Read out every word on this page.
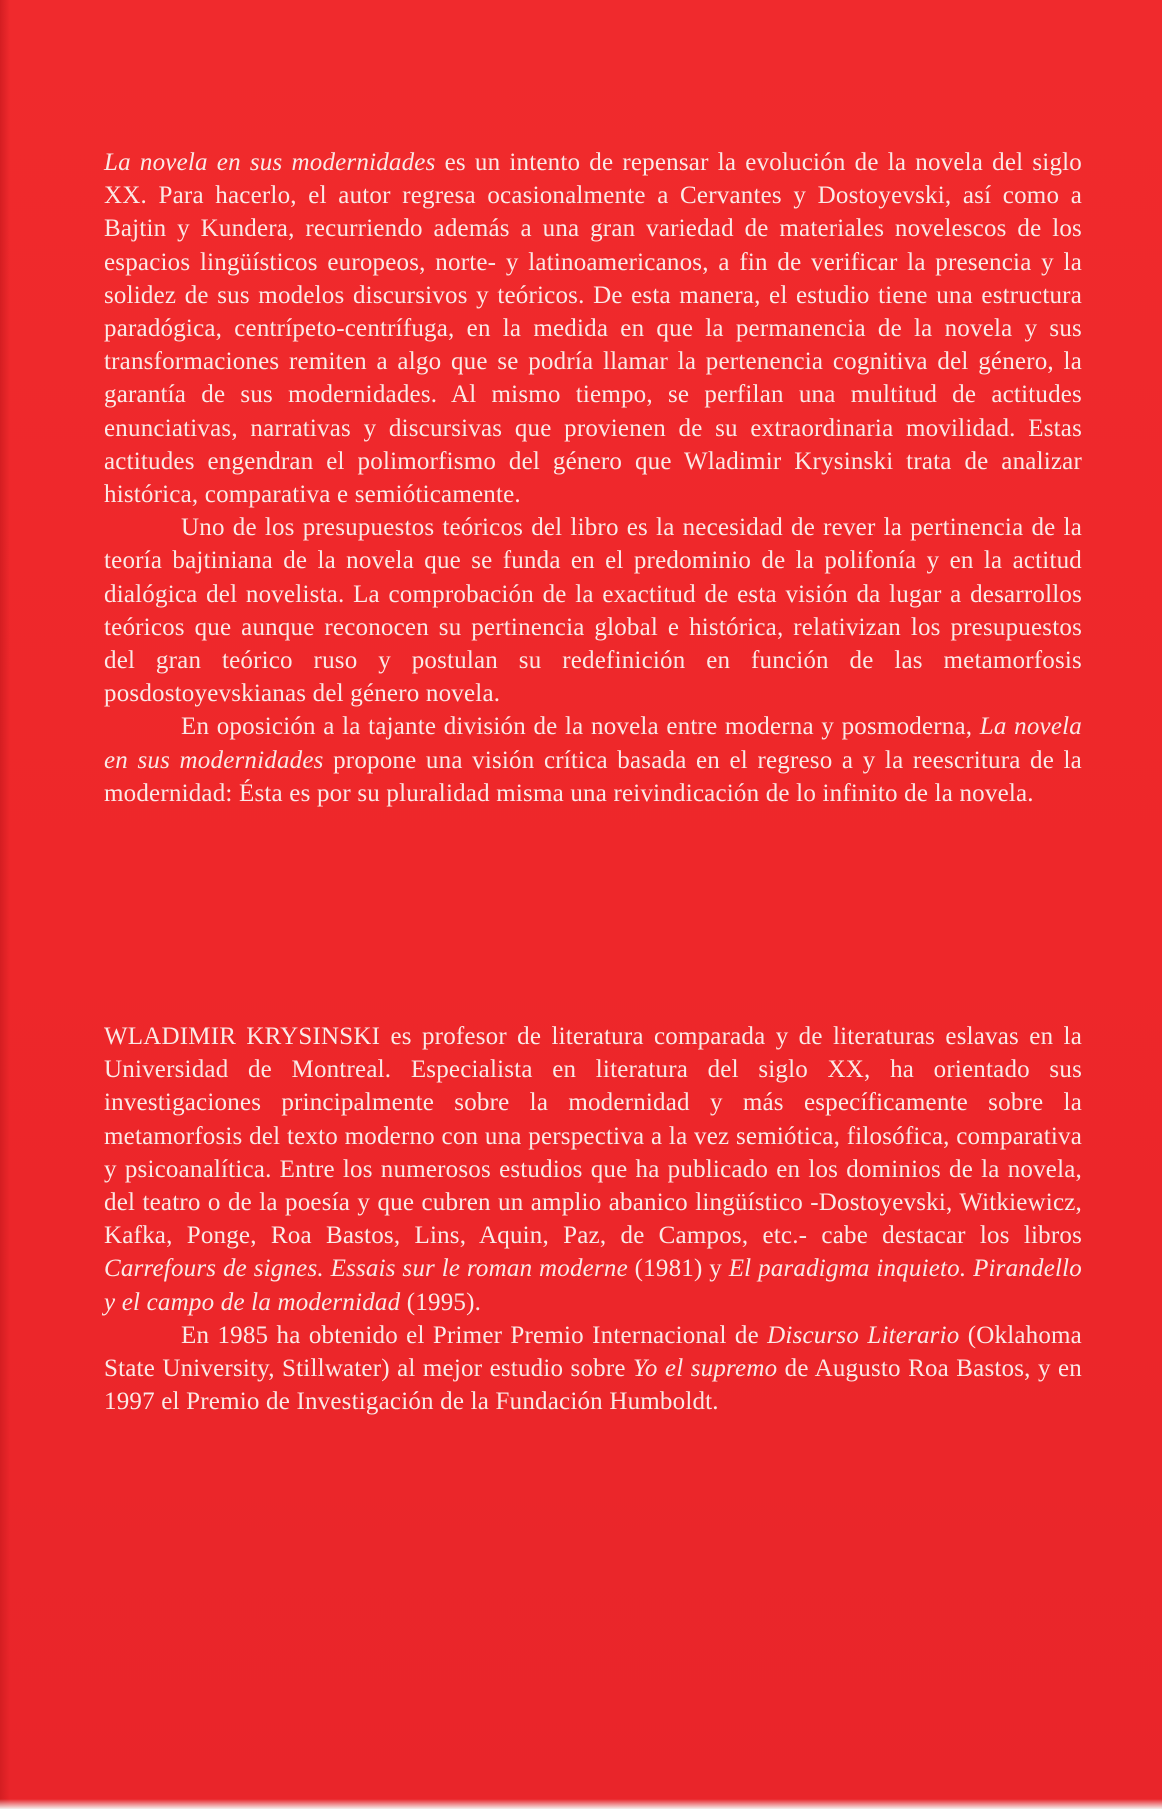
La novela en sus modernidades es un intento de repensar la evolución de la novela del siglo XX. Para hacerlo, el autor regresa ocasionalmente a Cervantes y Dostoyevski, así como a Bajtin y Kundera, recurriendo además a una gran variedad de materiales novelescos de los espacios lingüísticos europeos, norte- y latinoamericanos, a fin de verificar la presencia y la solidez de sus modelos discursivos y teóricos. De esta manera, el estudio tiene una estructura paradógica, centrípeto-centrífuga, en la medida en que la permanencia de la novela y sus transformaciones remiten a algo que se podría llamar la pertenencia cognitiva del género, la garantía de sus modernidades. Al mismo tiempo, se perfilan una multitud de actitudes enunciativas, narrativas y discursivas que provienen de su extraordinaria movilidad. Estas actitudes engendran el polimorfismo del género que Wladimir Krysinski trata de analizar histórica, comparativa e semióticamente.

Uno de los presupuestos teóricos del libro es la necesidad de rever la pertinencia de la teoría bajtiniana de la novela que se funda en el predominio de la polifonía y en la actitud dialógica del novelista. La comprobación de la exactitud de esta visión da lugar a desarrollos teóricos que aunque reconocen su pertinencia global e histórica, relativizan los presupuestos del gran teórico ruso y postulan su redefinición en función de las metamorfosis posdostoyevskianas del género novela.

En oposición a la tajante división de la novela entre moderna y posmoderna, La novela en sus modernidades propone una visión crítica basada en el regreso a y la reescritura de la modernidad: Ésta es por su pluralidad misma una reivindicación de lo infinito de la novela.

WLADIMIR KRYSINSKI es profesor de literatura comparada y de literaturas eslavas en la Universidad de Montreal. Especialista en literatura del siglo XX, ha orientado sus investigaciones principalmente sobre la modernidad y más específicamente sobre la metamorfosis del texto moderno con una perspectiva a la vez semiótica, filosófica, comparativa y psicoanalítica. Entre los numerosos estudios que ha publicado en los dominios de la novela, del teatro o de la poesía y que cubren un amplio abanico lingüístico -Dostoyevski, Witkiewicz, Kafka, Ponge, Roa Bastos, Lins, Aquin, Paz, de Campos, etc.- cabe destacar los libros Carrefours de signes. Essais sur le roman moderne (1981) y El paradigma inquieto. Pirandello y el campo de la modernidad (1995).

En 1985 ha obtenido el Primer Premio Internacional de Discurso Literario (Oklahoma State University, Stillwater) al mejor estudio sobre Yo el supremo de Augusto Roa Bastos, y en 1997 el Premio de Investigación de la Fundación Humboldt.
